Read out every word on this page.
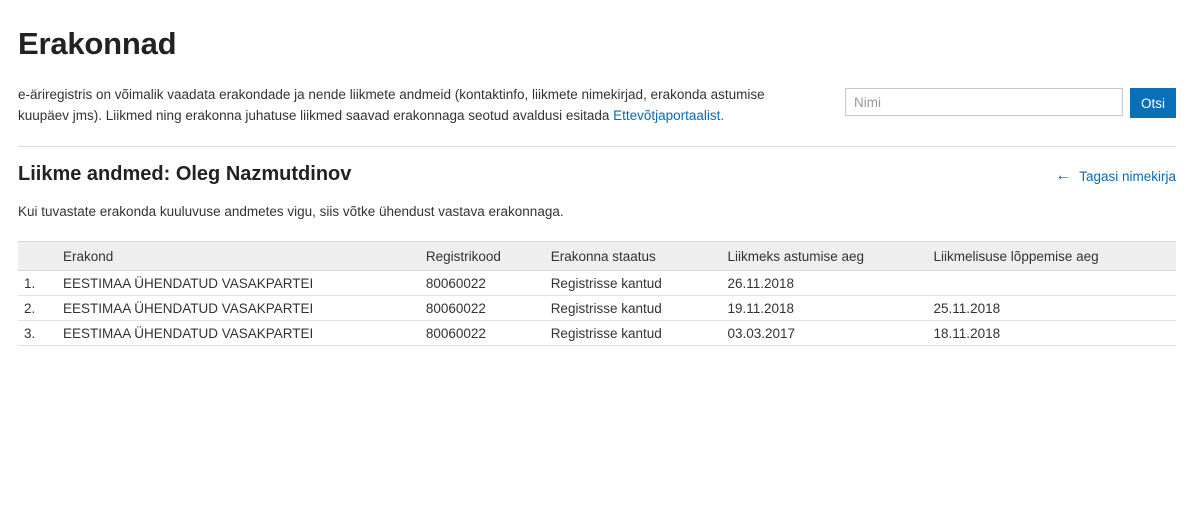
Erakonnad
e-äriregistris on võimalik vaadata erakondade ja nende liikmete andmeid (kontaktinfo, liikmete nimekirjad, erakonda astumise kuupäev jms). Liikmed ning erakonna juhatuse liikmed saavad erakonnaga seotud avaldusi esitada Ettevõtjaportaalist.
Nimi
Otsi
Liikme andmed: Oleg Nazmutdinov	← Tagasi nimekirja
Kui tuvastate erakonda kuuluvuse andmetes vigu, siis võtke ühendust vastava erakonnaga.
	Erakond	Registrikood	Erakonna staatus	Liikmeks astumise aeg	Liikmelisuse lõppemise aeg
1.	EESTIMAA ÜHENDATUD VASAKPARTEI	80060022	Registrisse kantud	26.11.2018	
2.	EESTIMAA ÜHENDATUD VASAKPARTEI	80060022	Registrisse kantud	19.11.2018	25.11.2018
3.	EESTIMAA ÜHENDATUD VASAKPARTEI	80060022	Registrisse kantud	03.03.2017	18.11.2018
